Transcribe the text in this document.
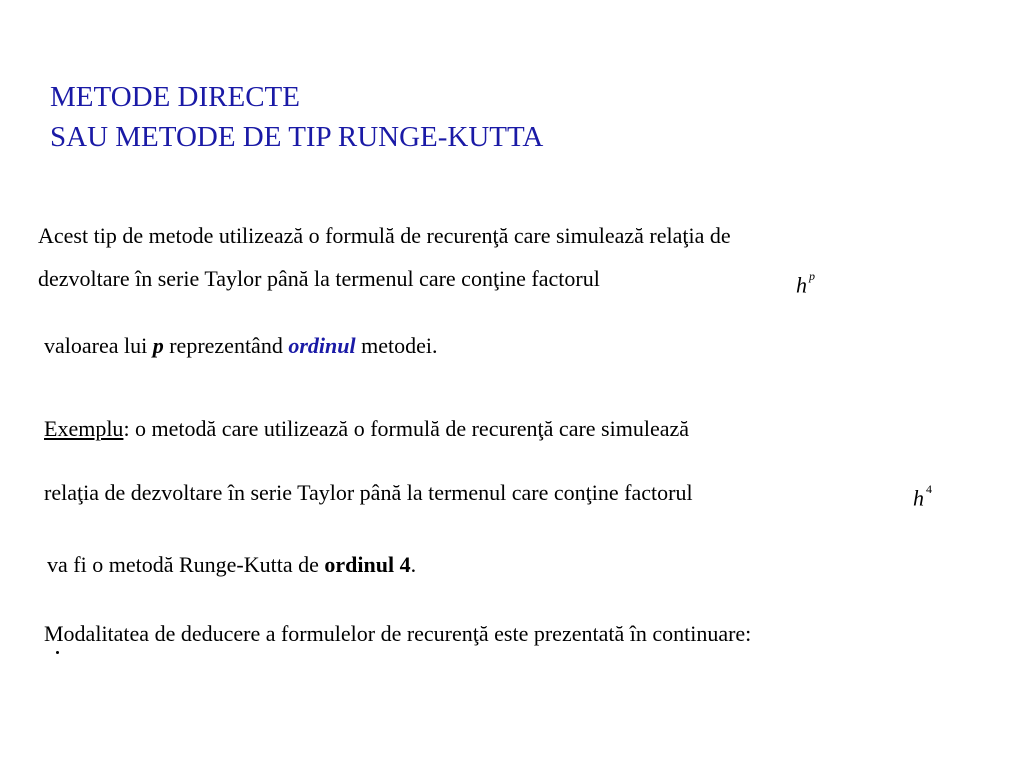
METODE DIRECTE
SAU METODE DE TIP RUNGE-KUTTA
Acest tip de metode utilizează o formulă de recurenţă care simulează relaţia de
dezvoltare în serie Taylor până la termenul care conţine factorul	h $^p$
valoarea lui p reprezentând ordinul metodei.
Exemplu: o metodă care utilizează o formulă de recurenţă care simulează
relaţia de dezvoltare în serie Taylor până la termenul care conţine factorul	h $^4$
va fi o metodă Runge-Kutta de ordinul 4.
Modalitatea de deducere a formulelor de recurenţă este prezentată în continuare:
